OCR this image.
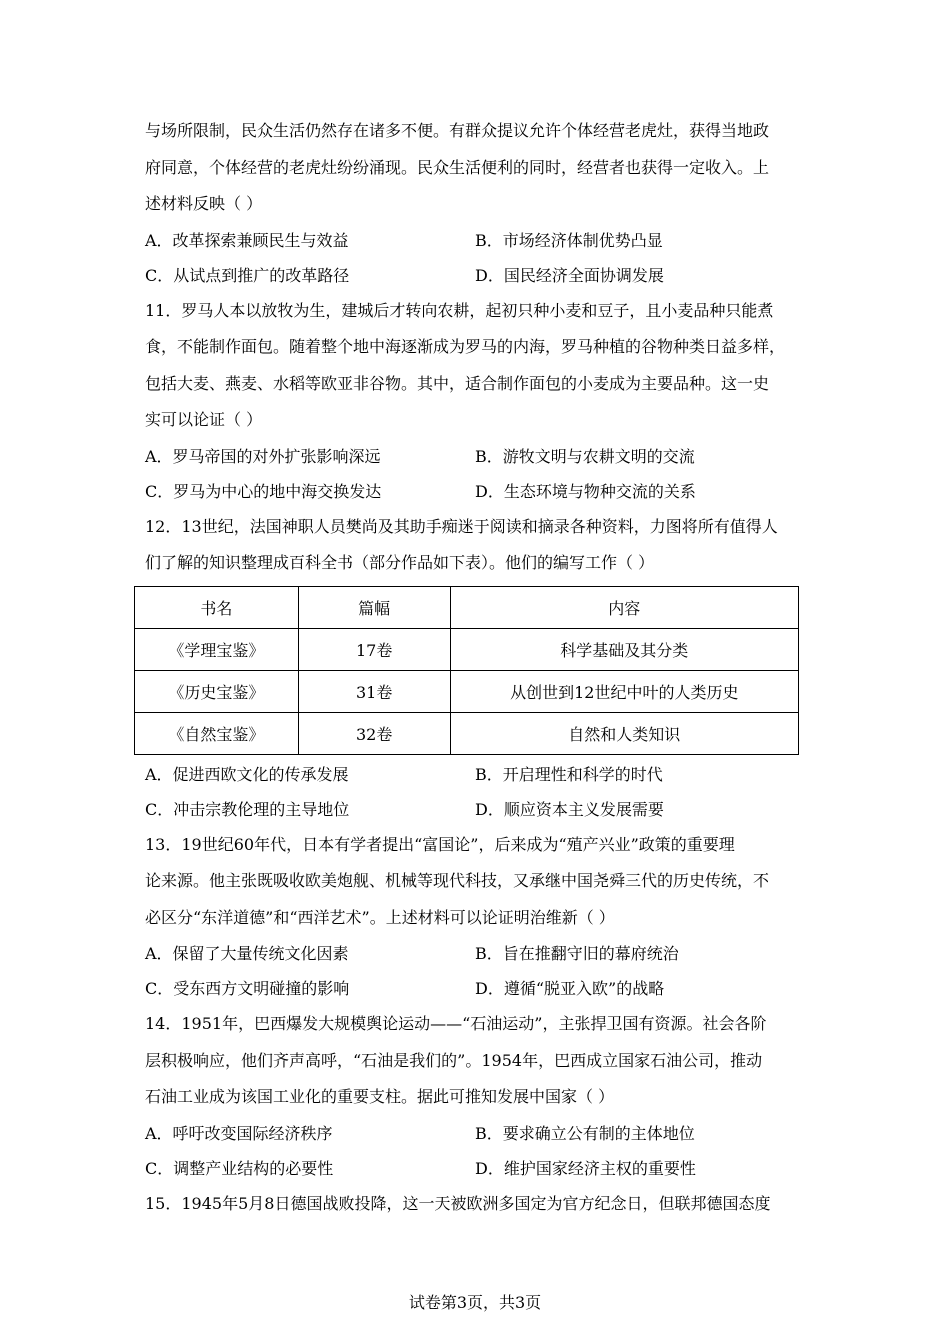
与场所限制，民众生活仍然存在诸多不便。有群众提议允许个体经营老虎灶，获得当地政
府同意，个体经营的老虎灶纷纷涌现。民众生活便利的同时，经营者也获得一定收入。上
述材料反映（ ）
A．改革探索兼顾民生与效益	B．市场经济体制优势凸显
C．从试点到推广的改革路径	D．国民经济全面协调发展
11．罗马人本以放牧为生，建城后才转向农耕，起初只种小麦和豆子，且小麦品种只能煮
食，不能制作面包。随着整个地中海逐渐成为罗马的内海，罗马种植的谷物种类日益多样，
包括大麦、燕麦、水稻等欧亚非谷物。其中，适合制作面包的小麦成为主要品种。这一史
实可以论证（ ）
A．罗马帝国的对外扩张影响深远	B．游牧文明与农耕文明的交流
C．罗马为中心的地中海交换发达	D．生态环境与物种交流的关系
12．13世纪，法国神职人员樊尚及其助手痴迷于阅读和摘录各种资料，力图将所有值得人
们了解的知识整理成百科全书（部分作品如下表）。他们的编写工作（ ）
书名	篇幅	内容
《学理宝鉴》	17卷	科学基础及其分类
《历史宝鉴》	31卷	从创世到12世纪中叶的人类历史
《自然宝鉴》	32卷	自然和人类知识
A．促进西欧文化的传承发展	B．开启理性和科学的时代
C．冲击宗教伦理的主导地位	D．顺应资本主义发展需要
13．19世纪60年代，日本有学者提出“富国论”，后来成为“殖产兴业”政策的重要理
论来源。他主张既吸收欧美炮舰、机械等现代科技，又承继中国尧舜三代的历史传统，不
必区分“东洋道德”和“西洋艺术”。上述材料可以论证明治维新（ ）
A．保留了大量传统文化因素	B．旨在推翻守旧的幕府统治
C．受东西方文明碰撞的影响	D．遵循“脱亚入欧”的战略
14．1951年，巴西爆发大规模舆论运动——“石油运动”，主张捍卫国有资源。社会各阶
层积极响应，他们齐声高呼，“石油是我们的”。1954年，巴西成立国家石油公司，推动
石油工业成为该国工业化的重要支柱。据此可推知发展中国家（ ）
A．呼吁改变国际经济秩序	B．要求确立公有制的主体地位
C．调整产业结构的必要性	D．维护国家经济主权的重要性
15．1945年5月8日德国战败投降，这一天被欧洲多国定为官方纪念日，但联邦德国态度
试卷第3页，共3页
